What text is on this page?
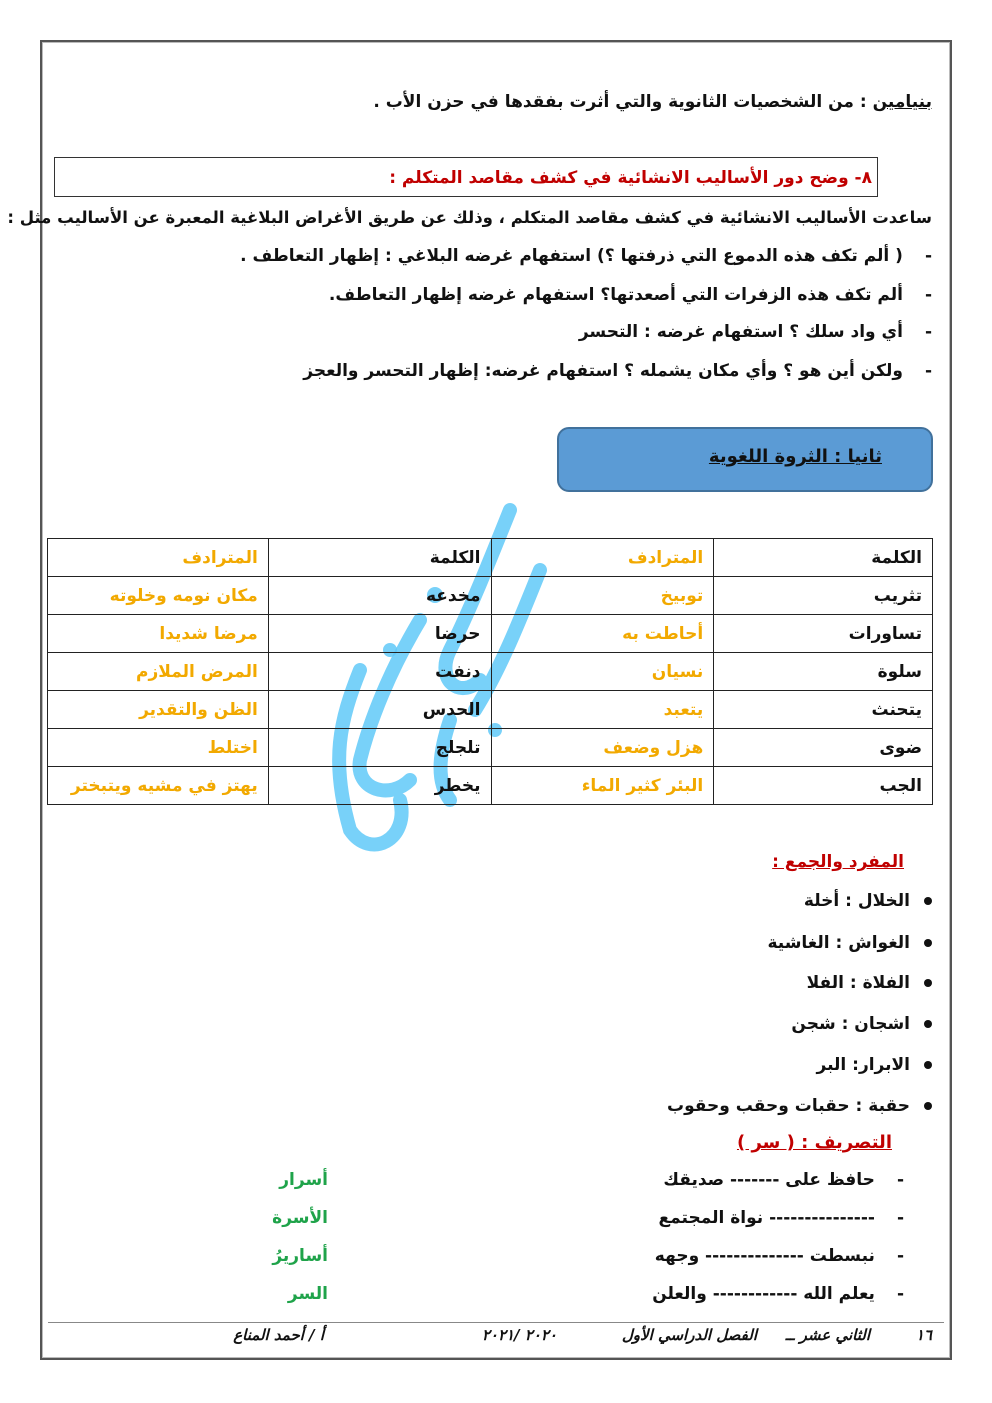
بنيامين : من الشخصيات الثانوية والتي أثرت بفقدها في حزن الأب .
٨- وضح دور الأساليب الانشائية في كشف مقاصد المتكلم :
ساعدت الأساليب الانشائية في كشف مقاصد المتكلم ، وذلك عن طريق الأغراض البلاغية المعبرة عن الأساليب مثل :
-( ألم تكف هذه الدموع التي ذرفتها ؟) استفهام غرضه البلاغي : إظهار التعاطف .
-ألم تكف هذه الزفرات التي أصعدتها؟ استفهام غرضه إظهار التعاطف.
-أي واد سلك ؟ استفهام غرضه : التحسر
-ولكن أين هو ؟ وأي مكان يشمله ؟ استفهام غرضه: إظهار التحسر والعجز
ثانيا : الثروة اللغوية
الكلمة	المترادف	الكلمة	المترادف
تثريب	توبيخ	مخدعه	مكان نومه وخلوته
تساورات	أحاطت به	حرضا	مرضا شديدا
سلوة	نسيان	دنفت	المرض الملازم
يتحنث	يتعبد	الحدس	الظن والتقدير
ضوى	هزل وضعف	تلجلج	اختلط
الجب	البئر كثير الماء	يخطر	يهتز في مشيه ويتبختر
المفرد والجمع :
الخلال : أخلة
الغواش : الغاشية
الفلاة : الفلا
اشجان : شجن
الابرار: البر
حقبة : حقبات وحقب وحقوب
التصريف : ( سر )
-حافظ على ------- صديقك
أسرار
---------------- نواة المجتمع
الأسرة
-نبسطت -------------- وجهه
أساريرُ
-يعلم الله ------------ والعلن
السر
١٦
الثاني عشر ــ
الفصل الدراسي الأول
٢٠٢٠ /٢٠٢١
أ / أحمد المناع
